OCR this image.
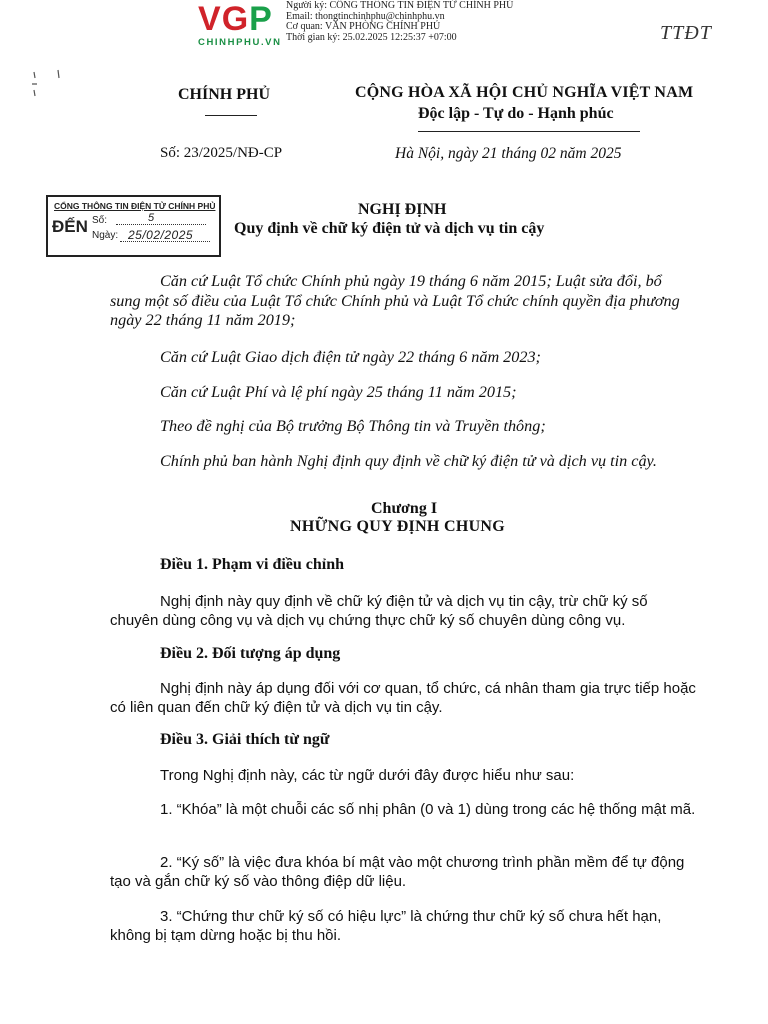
VGP
CHINHPHU.VN
Người ký: CỔNG THÔNG TIN ĐIỆN TỬ CHÍNH PHỦ
Email: thongtinchinhphu@chinhphu.vn
Cơ quan: VĂN PHÒNG CHÍNH PHỦ
Thời gian ký: 25.02.2025 12:25:37 +07:00	TTĐT
CHÍNH PHỦ	CỘNG HÒA XÃ HỘI CHỦ NGHĨA VIỆT NAM
Độc lập - Tự do - Hạnh phúc
Số: 23/2025/NĐ-CP	Hà Nội, ngày 21 tháng 02 năm 2025
CỔNG THÔNG TIN ĐIỆN TỬ CHÍNH PHỦ
ĐẾN Số:	5
Ngày: 25/02/2025
NGHỊ ĐỊNH
Quy định về chữ ký điện tử và dịch vụ tin cậy
Căn cứ Luật Tổ chức Chính phủ ngày 19 tháng 6 năm 2015; Luật sửa đổi, bổ sung một số điều của Luật Tổ chức Chính phủ và Luật Tổ chức chính quyền địa phương ngày 22 tháng 11 năm 2019;
Căn cứ Luật Giao dịch điện tử ngày 22 tháng 6 năm 2023;
Căn cứ Luật Phí và lệ phí ngày 25 tháng 11 năm 2015;
Theo đề nghị của Bộ trưởng Bộ Thông tin và Truyền thông;
Chính phủ ban hành Nghị định quy định về chữ ký điện tử và dịch vụ tin cậy.
Chương I
NHỮNG QUY ĐỊNH CHUNG
Điều 1. Phạm vi điều chỉnh
Nghị định này quy định về chữ ký điện tử và dịch vụ tin cậy, trừ chữ ký số chuyên dùng công vụ và dịch vụ chứng thực chữ ký số chuyên dùng công vụ.
Điều 2. Đối tượng áp dụng
Nghị định này áp dụng đối với cơ quan, tổ chức, cá nhân tham gia trực tiếp hoặc có liên quan đến chữ ký điện tử và dịch vụ tin cậy.
Điều 3. Giải thích từ ngữ
Trong Nghị định này, các từ ngữ dưới đây được hiểu như sau:
1. “Khóa” là một chuỗi các số nhị phân (0 và 1) dùng trong các hệ thống mật mã.
2. “Ký số” là việc đưa khóa bí mật vào một chương trình phần mềm để tự động tạo và gắn chữ ký số vào thông điệp dữ liệu.
3. “Chứng thư chữ ký số có hiệu lực” là chứng thư chữ ký số chưa hết hạn, không bị tạm dừng hoặc bị thu hồi.
